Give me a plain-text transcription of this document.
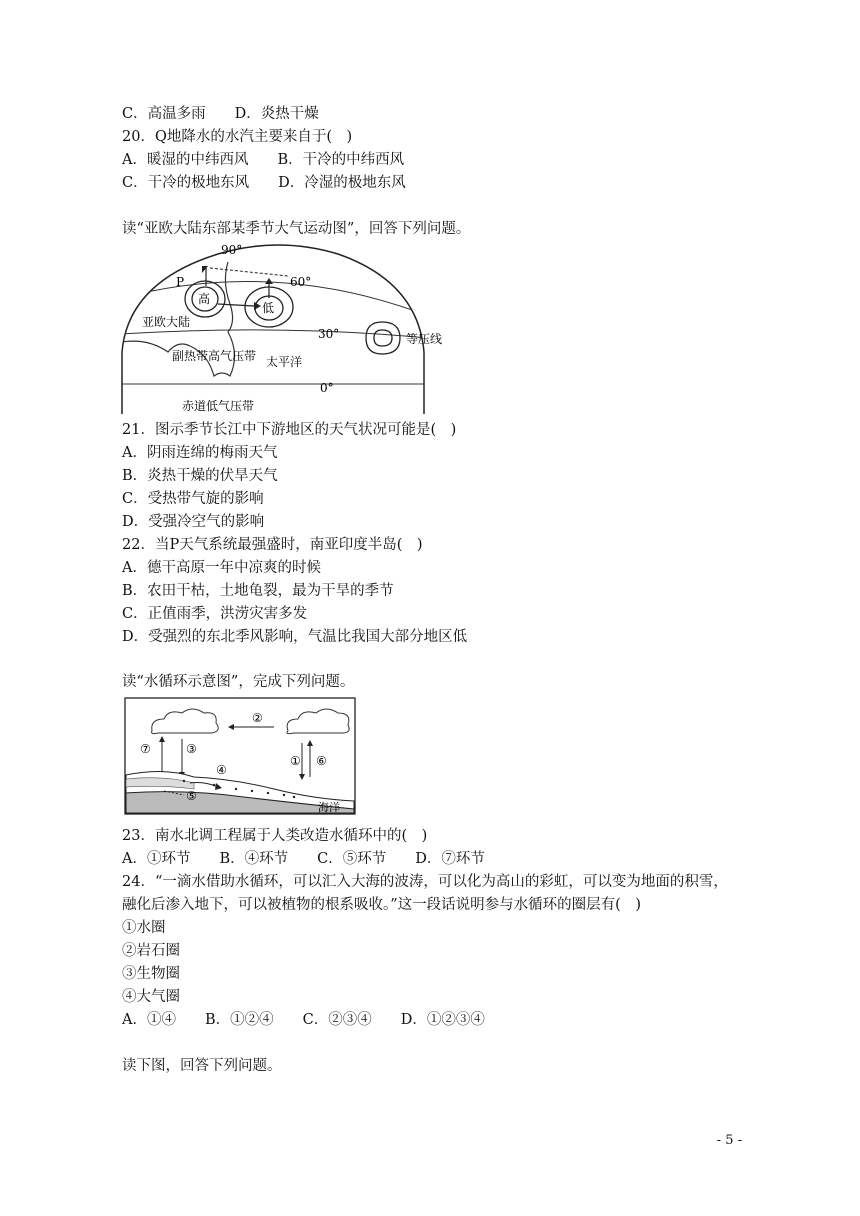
C．高温多雨　　D．炎热干燥
20．Q地降水的水汽主要来自于(　)
A．暖湿的中纬西风　　B．干冷的中纬西风
C．干冷的极地东风　　D．冷湿的极地东风
读“亚欧大陆东部某季节大气运动图”，回答下列问题。
90°
60°
30°
0°
P
高
低
亚欧大陆
副热带高气压带 太平洋
赤道低气压带
等压线
21．图示季节长江中下游地区的天气状况可能是(　)
A．阴雨连绵的梅雨天气
B．炎热干燥的伏旱天气
C．受热带气旋的影响
D．受强冷空气的影响
22．当P天气系统最强盛时，南亚印度半岛(　)
A．德干高原一年中凉爽的时候
B．农田干枯，土地龟裂，最为干旱的季节
C．正值雨季，洪涝灾害多发
D．受强烈的东北季风影响，气温比我国大部分地区低
读“水循环示意图”，完成下列问题。
②
⑦	③
① ⑥
④
⑤
海洋
23．南水北调工程属于人类改造水循环中的(　)
A．①环节　　B．④环节　　C．⑤环节　　D．⑦环节
24．“一滴水借助水循环，可以汇入大海的波涛，可以化为高山的彩虹，可以变为地面的积雪，
融化后渗入地下，可以被植物的根系吸收。”这一段话说明参与水循环的圈层有(　)
①水圈
②岩石圈
③生物圈
④大气圈
A．①④　　B．①②④　　C．②③④　　D．①②③④
读下图，回答下列问题。
- 5 -
